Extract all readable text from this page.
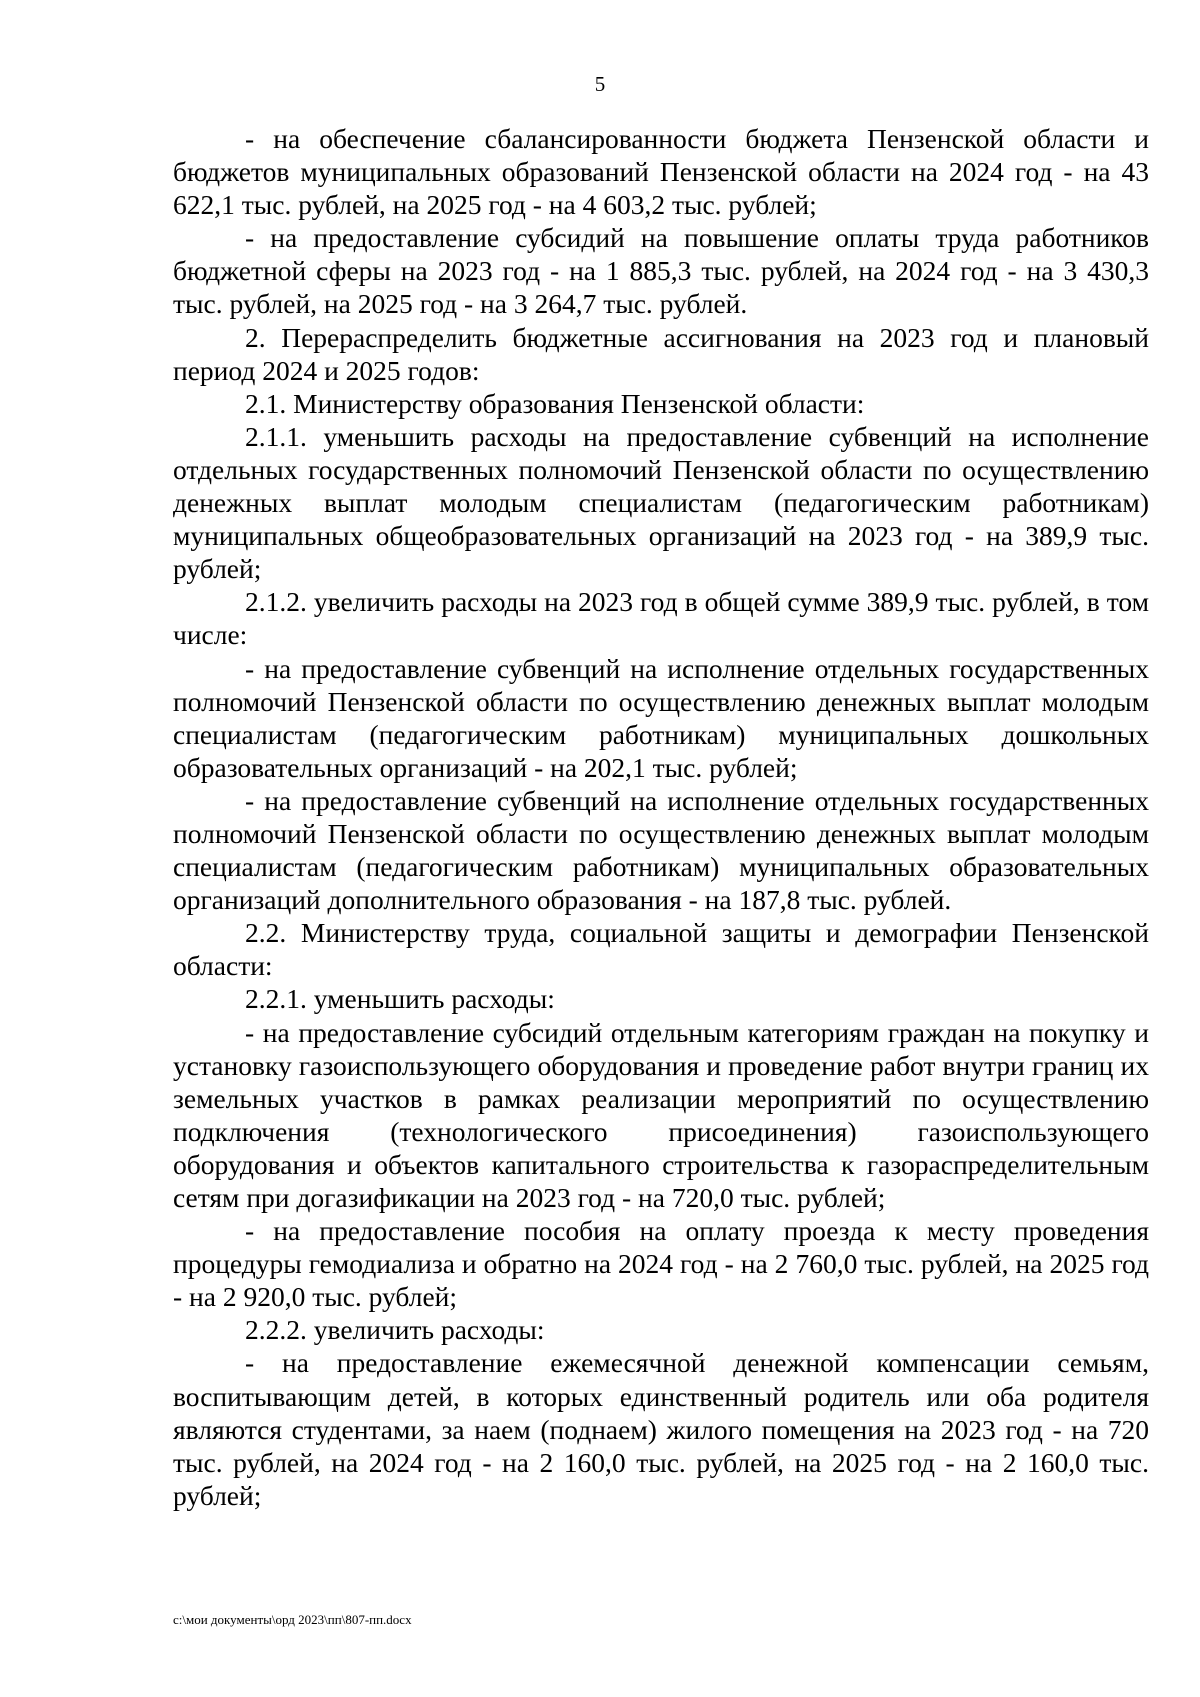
5

- на обеспечение сбалансированности бюджета Пензенской области и бюджетов муниципальных образований Пензенской области на 2024 год - на 43 622,1 тыс. рублей, на 2025 год - на 4 603,2 тыс. рублей;

- на предоставление субсидий на повышение оплаты труда работников бюджетной сферы на 2023 год - на 1 885,3 тыс. рублей, на 2024 год - на 3 430,3 тыс. рублей, на 2025 год - на 3 264,7 тыс. рублей.

2. Перераспределить бюджетные ассигнования на 2023 год и плановый период 2024 и 2025 годов:

2.1. Министерству образования Пензенской области:

2.1.1. уменьшить расходы на предоставление субвенций на исполнение отдельных государственных полномочий Пензенской области по осуществлению денежных выплат молодым специалистам (педагогическим работникам) муниципальных общеобразовательных организаций на 2023 год - на 389,9 тыс. рублей;

2.1.2. увеличить расходы на 2023 год в общей сумме 389,9 тыс. рублей, в том числе:

- на предоставление субвенций на исполнение отдельных государственных полномочий Пензенской области по осуществлению денежных выплат молодым специалистам (педагогическим работникам) муниципальных дошкольных образовательных организаций - на 202,1 тыс. рублей;

- на предоставление субвенций на исполнение отдельных государственных полномочий Пензенской области по осуществлению денежных выплат молодым специалистам (педагогическим работникам) муниципальных образовательных организаций дополнительного образования - на 187,8 тыс. рублей.

2.2. Министерству труда, социальной защиты и демографии Пензенской области:

2.2.1. уменьшить расходы:

- на предоставление субсидий отдельным категориям граждан на покупку и установку газоиспользующего оборудования и проведение работ внутри границ их земельных участков в рамках реализации мероприятий по осуществлению подключения (технологического присоединения) газоиспользующего оборудования и объектов капитального строительства к газораспределительным сетям при догазификации на 2023 год - на 720,0 тыс. рублей;

- на предоставление пособия на оплату проезда к месту проведения процедуры гемодиализа и обратно на 2024 год - на 2 760,0 тыс. рублей, на 2025 год - на 2 920,0 тыс. рублей;

2.2.2. увеличить расходы:

- на предоставление ежемесячной денежной компенсации семьям, воспитывающим детей, в которых единственный родитель или оба родителя являются студентами, за наем (поднаем) жилого помещения на 2023 год - на 720 тыс. рублей, на 2024 год - на 2 160,0 тыс. рублей, на 2025 год - на 2 160,0 тыс. рублей;

c:\мои документы\орд 2023\пп\807-пп.docx
